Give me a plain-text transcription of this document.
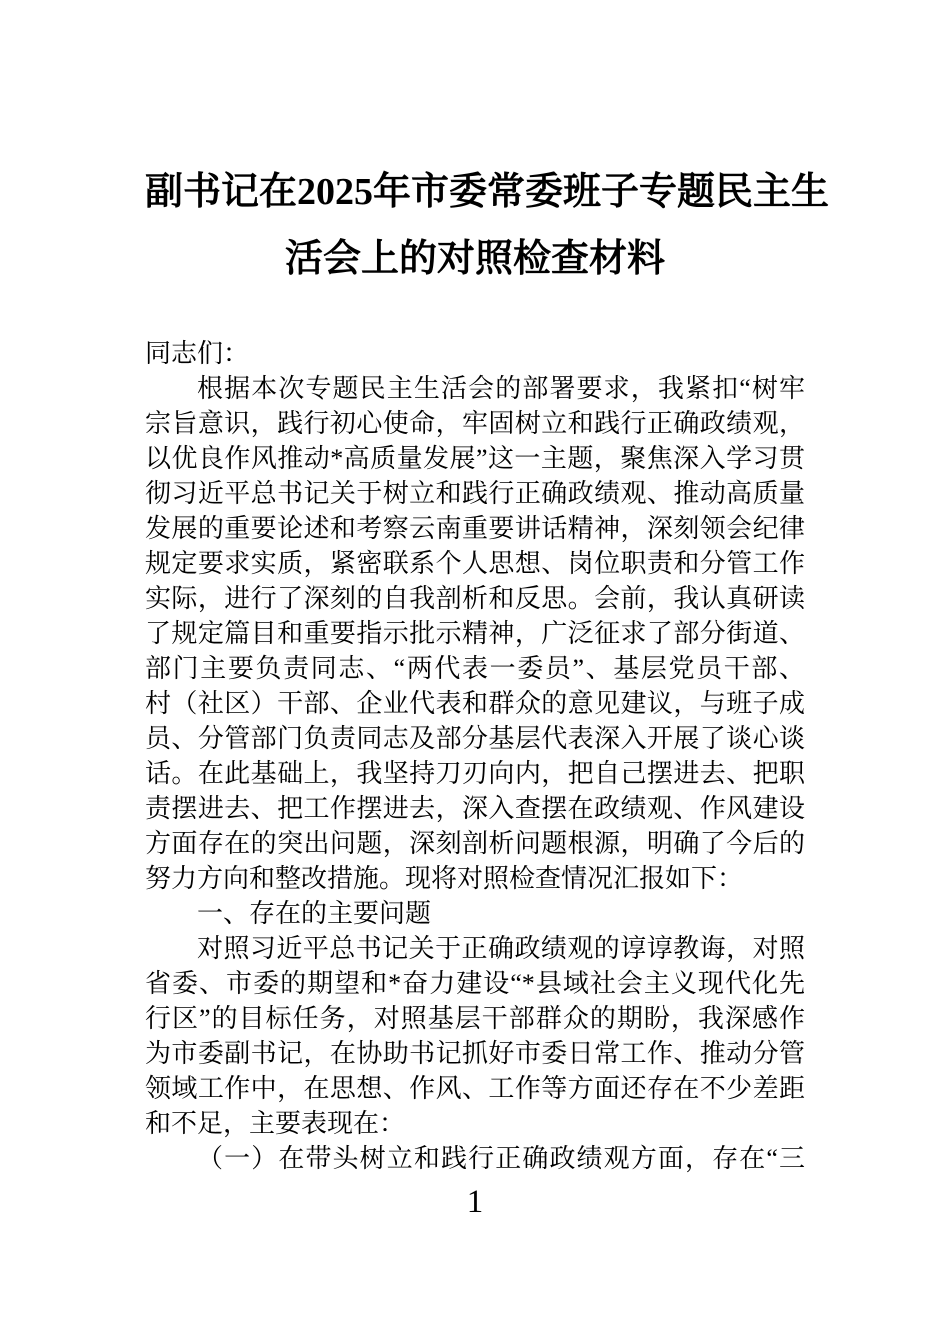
副书记在2025年市委常委班子专题民主生
活会上的对照检查材料
同志们：
根据本次专题民主生活会的部署要求，我紧扣“树牢
宗旨意识，践行初心使命，牢固树立和践行正确政绩观，
以优良作风推动*高质量发展”这一主题，聚焦深入学习贯
彻习近平总书记关于树立和践行正确政绩观、推动高质量
发展的重要论述和考察云南重要讲话精神，深刻领会纪律
规定要求实质，紧密联系个人思想、岗位职责和分管工作
实际，进行了深刻的自我剖析和反思。会前，我认真研读
了规定篇目和重要指示批示精神，广泛征求了部分街道、
部门主要负责同志、“两代表一委员”、基层党员干部、
村（社区）干部、企业代表和群众的意见建议，与班子成
员、分管部门负责同志及部分基层代表深入开展了谈心谈
话。在此基础上，我坚持刀刃向内，把自己摆进去、把职
责摆进去、把工作摆进去，深入查摆在政绩观、作风建设
方面存在的突出问题，深刻剖析问题根源，明确了今后的
努力方向和整改措施。现将对照检查情况汇报如下：
一、存在的主要问题
对照习近平总书记关于正确政绩观的谆谆教诲，对照
省委、市委的期望和*奋力建设“*县域社会主义现代化先
行区”的目标任务，对照基层干部群众的期盼，我深感作
为市委副书记，在协助书记抓好市委日常工作、推动分管
领域工作中，在思想、作风、工作等方面还存在不少差距
和不足，主要表现在：
（一）在带头树立和践行正确政绩观方面，存在“三
1
